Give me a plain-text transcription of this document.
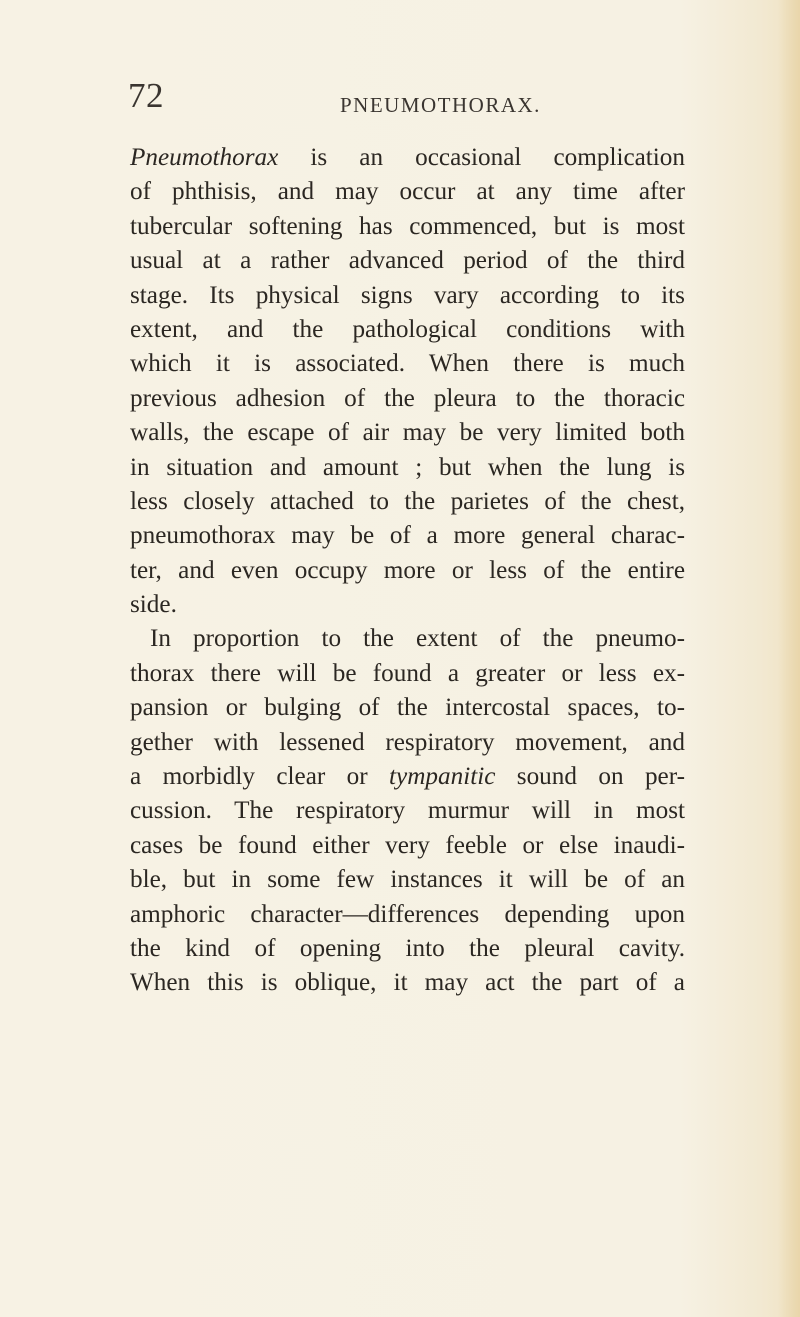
72	PNEUMOTHORAX.
Pneumothorax is an occasional complication
of phthisis, and may occur at any time after
tubercular softening has commenced, but is most
usual at a rather advanced period of the third
stage. Its physical signs vary according to its
extent, and the pathological conditions with
which it is associated. When there is much
previous adhesion of the pleura to the thoracic
walls, the escape of air may be very limited both
in situation and amount ; but when the lung is
less closely attached to the parietes of the chest,
pneumothorax may be of a more general charac-
ter, and even occupy more or less of the entire
side.
In proportion to the extent of the pneumo-
thorax there will be found a greater or less ex-
pansion or bulging of the intercostal spaces, to-
gether with lessened respiratory movement, and
a morbidly clear or tympanitic sound on per-
cussion. The respiratory murmur will in most
cases be found either very feeble or else inaudi-
ble, but in some few instances it will be of an
amphoric character—differences depending upon
the kind of opening into the pleural cavity.
When this is oblique, it may act the part of a
